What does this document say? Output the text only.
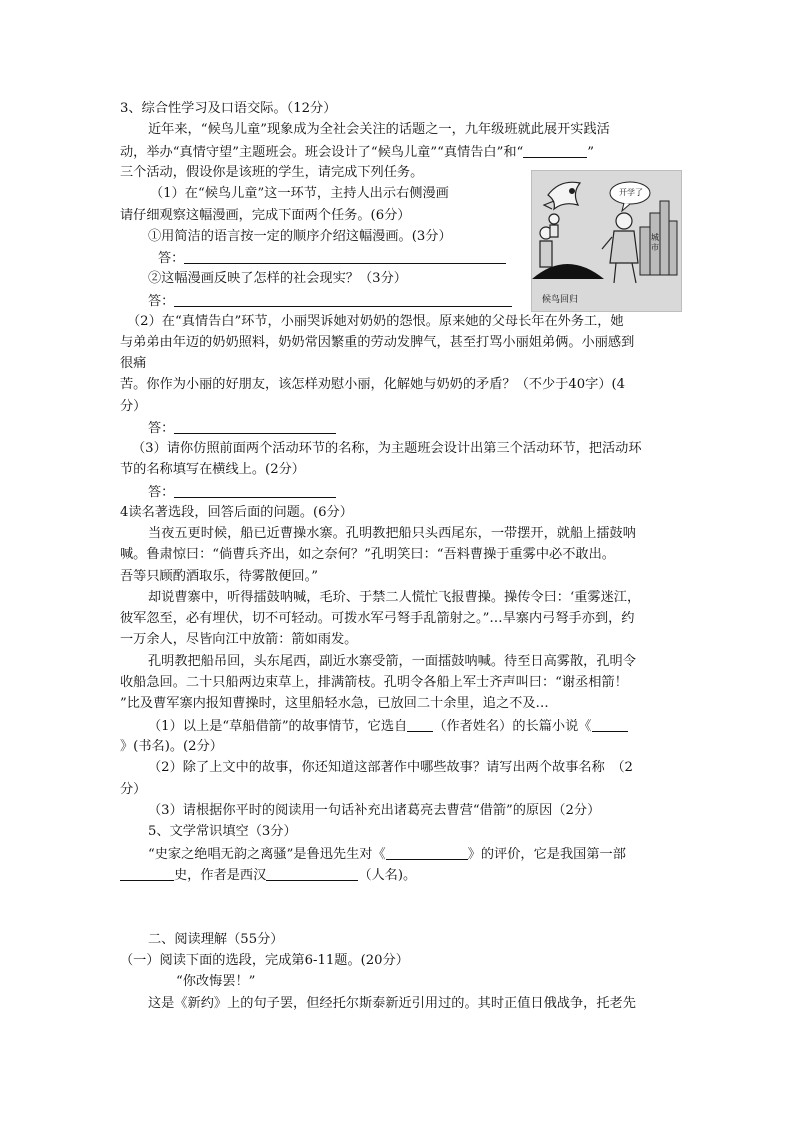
3、综合性学习及口语交际。（12分）
近年来，“候鸟儿童”现象成为全社会关注的话题之一，九年级班就此展开实践活
动，举办“真情守望”主题班会。班会设计了“候鸟儿童”“真情告白”和“	”
三个活动，假设你是该班的学生，请完成下列任务。
（1）在“候鸟儿童”这一环节，主持人出示右侧漫画
请仔细观察这幅漫画，完成下面两个任务。(6分）
①用简洁的语言按一定的顺序介绍这幅漫画。(3分）
答：
②这幅漫画反映了怎样的社会现实？（3分）
答：
（2）在“真情告白”环节，小丽哭诉她对奶奶的怨恨。原来她的父母长年在外务工，她
与弟弟由年迈的奶奶照料，奶奶常因繁重的劳动发脾气，甚至打骂小丽姐弟俩。小丽感到
很痛
苦。你作为小丽的好朋友，该怎样劝慰小丽，化解她与奶奶的矛盾？（不少于40字）(4
分）
答：
（3）请你仿照前面两个活动环节的名称，为主题班会设计出第三个活动环节，把活动环
节的名称填写在横线上。(2分）
答：
开学了
城市
候鸟回归
4读名著选段，回答后面的问题。(6分）
当夜五更时候，船已近曹操水寨。孔明教把船只头西尾东，一带摆开，就船上擂鼓呐
喊。鲁肃惊曰：“倘曹兵齐出，如之奈何？”孔明笑曰：“吾料曹操于重雾中必不敢出。
吾等只顾酌酒取乐，待雾散便回。”
却说曹寨中，听得擂鼓呐喊，毛玠、于禁二人慌忙飞报曹操。操传令曰：‘重雾迷江，
彼军忽至，必有埋伏，切不可轻动。可拨水军弓弩手乱箭射之。”…旱寨内弓弩手亦到，约
一万余人，尽皆向江中放箭：箭如雨发。
孔明教把船吊回，头东尾西，副近水寨受箭，一面擂鼓呐喊。待至日高雾散，孔明令
收船急回。二十只船两边束草上，排满箭枝。孔明令各船上军士齐声叫曰：“谢丞相箭！
”比及曹军寨内报知曹操时，这里船轻水急，已放回二十余里，追之不及…
（1）以上是“草船借箭”的故事情节，它选自 （作者姓名）的长篇小说《
》(书名)。(2分）
（2）除了上文中的故事，你还知道这部著作中哪些故事？请写出两个故事名称　（2
分）
（3）请根据你平时的阅读用一句话补充出诸葛亮去曹营“借箭”的原因（2分）
5、文学常识填空（3分）
“史家之绝唱无韵之离骚”是鲁迅先生对《	》的评价，它是我国第一部
史，作者是西汉	（人名)。
二、阅读理解（55分）
（一）阅读下面的选段，完成第6-11题。(20分）
“你改悔罢！”
这是《新约》上的句子罢，但经托尔斯泰新近引用过的。其时正值日俄战争，托老先
